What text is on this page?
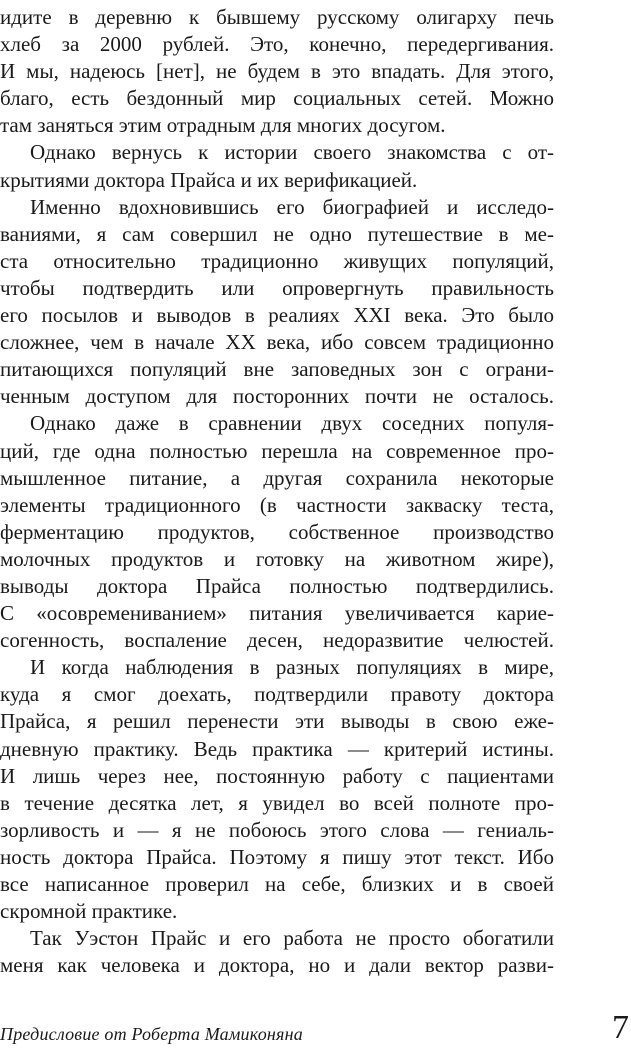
идите в деревню к бывшему русскому олигарху печь
хлеб за 2000 рублей. Это, конечно, передергивания.
И мы, надеюсь [нет], не будем в это впадать. Для этого,
благо, есть бездонный мир социальных сетей. Можно
там заняться этим отрадным для многих досугом.
Однако вернусь к истории своего знакомства с от-
крытиями доктора Прайса и их верификацией.
Именно вдохновившись его биографией и исследо-
ваниями, я сам совершил не одно путешествие в ме-
ста относительно традиционно живущих популяций,
чтобы подтвердить или опровергнуть правильность
его посылов и выводов в реалиях XXI века. Это было
сложнее, чем в начале XX века, ибо совсем традиционно
питающихся популяций вне заповедных зон с ограни-
ченным доступом для посторонних почти не осталось.
Однако даже в сравнении двух соседних популя-
ций, где одна полностью перешла на современное про-
мышленное питание, а другая сохранила некоторые
элементы традиционного (в частности закваску теста,
ферментацию продуктов, собственное производство
молочных продуктов и готовку на животном жире),
выводы доктора Прайса полностью подтвердились.
С «осовремениванием» питания увеличивается карие-
согенность, воспаление десен, недоразвитие челюстей.
И когда наблюдения в разных популяциях в мире,
куда я смог доехать, подтвердили правоту доктора
Прайса, я решил перенести эти выводы в свою еже-
дневную практику. Ведь практика — критерий истины.
И лишь через нее, постоянную работу с пациентами
в течение десятка лет, я увидел во всей полноте про-
зорливость и — я не побоюсь этого слова — гениаль-
ность доктора Прайса. Поэтому я пишу этот текст. Ибо
все написанное проверил на себе, близких и в своей
скромной практике.
Так Уэстон Прайс и его работа не просто обогатили
меня как человека и доктора, но и дали вектор разви-
Предисловие от Роберта Мамиконяна	7
